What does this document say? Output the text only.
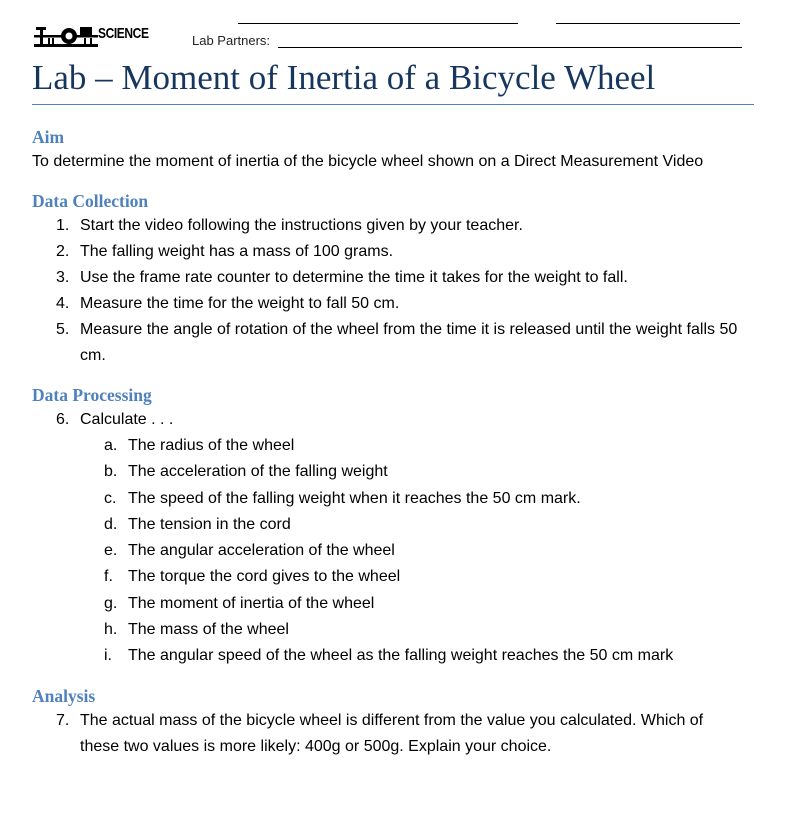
SCIENCE	Lab Partners:
Lab – Moment of Inertia of a Bicycle Wheel
Aim

To determine the moment of inertia of the bicycle wheel shown on a Direct Measurement Video

Data Collection
1. Start the video following the instructions given by your teacher.
2. The falling weight has a mass of 100 grams.
3. Use the frame rate counter to determine the time it takes for the weight to fall.
4. Measure the time for the weight to fall 50 cm.
5. Measure the angle of rotation of the wheel from the time it is released until the weight falls 50 cm.
Data Processing
6. Calculate . . .
a. The radius of the wheel
b. The acceleration of the falling weight
c. The speed of the falling weight when it reaches the 50 cm mark.
d. The tension in the cord
e. The angular acceleration of the wheel
f. The torque the cord gives to the wheel
g. The moment of inertia of the wheel
h. The mass of the wheel
i. The angular speed of the wheel as the falling weight reaches the 50 cm mark
Analysis
7. The actual mass of the bicycle wheel is different from the value you calculated. Which of these two values is more likely: 400g or 500g. Explain your choice.
